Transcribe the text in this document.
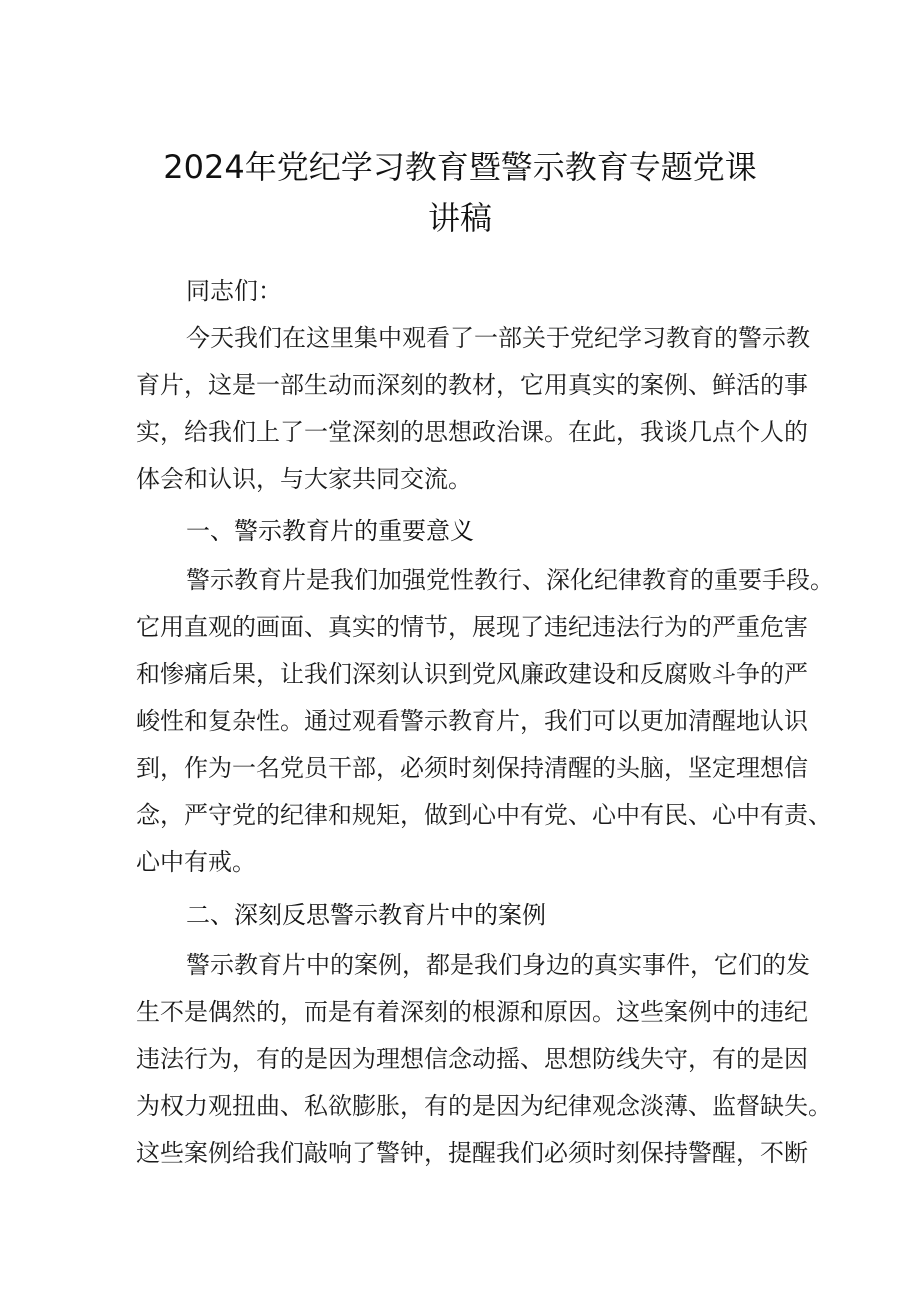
2024年党纪学习教育暨警示教育专题党课
讲稿
同志们：
今天我们在这里集中观看了一部关于党纪学习教育的警示教
育片，这是一部生动而深刻的教材，它用真实的案例、鲜活的事
实，给我们上了一堂深刻的思想政治课。在此，我谈几点个人的
体会和认识，与大家共同交流。
一、警示教育片的重要意义
警示教育片是我们加强党性教行、深化纪律教育的重要手段。
它用直观的画面、真实的情节，展现了违纪违法行为的严重危害
和惨痛后果，让我们深刻认识到党风廉政建设和反腐败斗争的严
峻性和复杂性。通过观看警示教育片，我们可以更加清醒地认识
到，作为一名党员干部，必须时刻保持清醒的头脑，坚定理想信
念，严守党的纪律和规矩，做到心中有党、心中有民、心中有责、
心中有戒。
二、深刻反思警示教育片中的案例
警示教育片中的案例，都是我们身边的真实事件，它们的发
生不是偶然的，而是有着深刻的根源和原因。这些案例中的违纪
违法行为，有的是因为理想信念动摇、思想防线失守，有的是因
为权力观扭曲、私欲膨胀，有的是因为纪律观念淡薄、监督缺失。
这些案例给我们敲响了警钟，提醒我们必须时刻保持警醒，不断
